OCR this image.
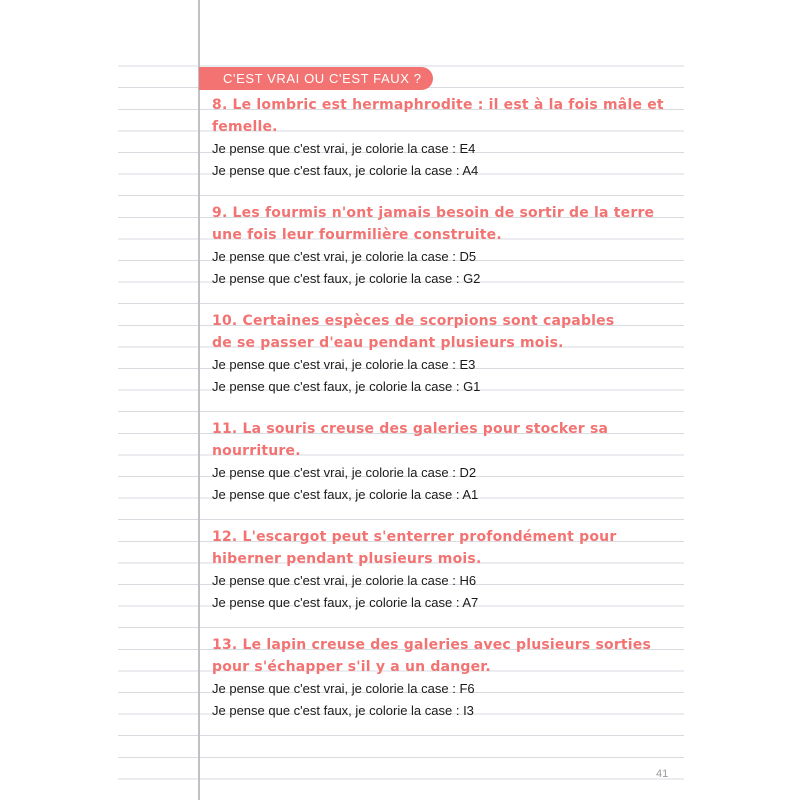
C'EST VRAI OU C'EST FAUX ?

8. Le lombric est hermaphrodite : il est à la fois mâle et
femelle.

Je pense que c'est vrai, je colorie la case : E4

Je pense que c'est faux, je colorie la case : A4

9. Les fourmis n'ont jamais besoin de sortir de la terre
une fois leur fourmilière construite.

Je pense que c'est vrai, je colorie la case : D5

Je pense que c'est faux, je colorie la case : G2

10. Certaines espèces de scorpions sont capables
de se passer d'eau pendant plusieurs mois.

Je pense que c'est vrai, je colorie la case : E3

Je pense que c'est faux, je colorie la case : G1

11. La souris creuse des galeries pour stocker sa
nourriture.

Je pense que c'est vrai, je colorie la case : D2

Je pense que c'est faux, je colorie la case : A1

12. L'escargot peut s'enterrer profondément pour
hiberner pendant plusieurs mois.

Je pense que c'est vrai, je colorie la case : H6

Je pense que c'est faux, je colorie la case : A7

13. Le lapin creuse des galeries avec plusieurs sorties
pour s'échapper s'il y a un danger.

Je pense que c'est vrai, je colorie la case : F6

Je pense que c'est faux, je colorie la case : I3

41
